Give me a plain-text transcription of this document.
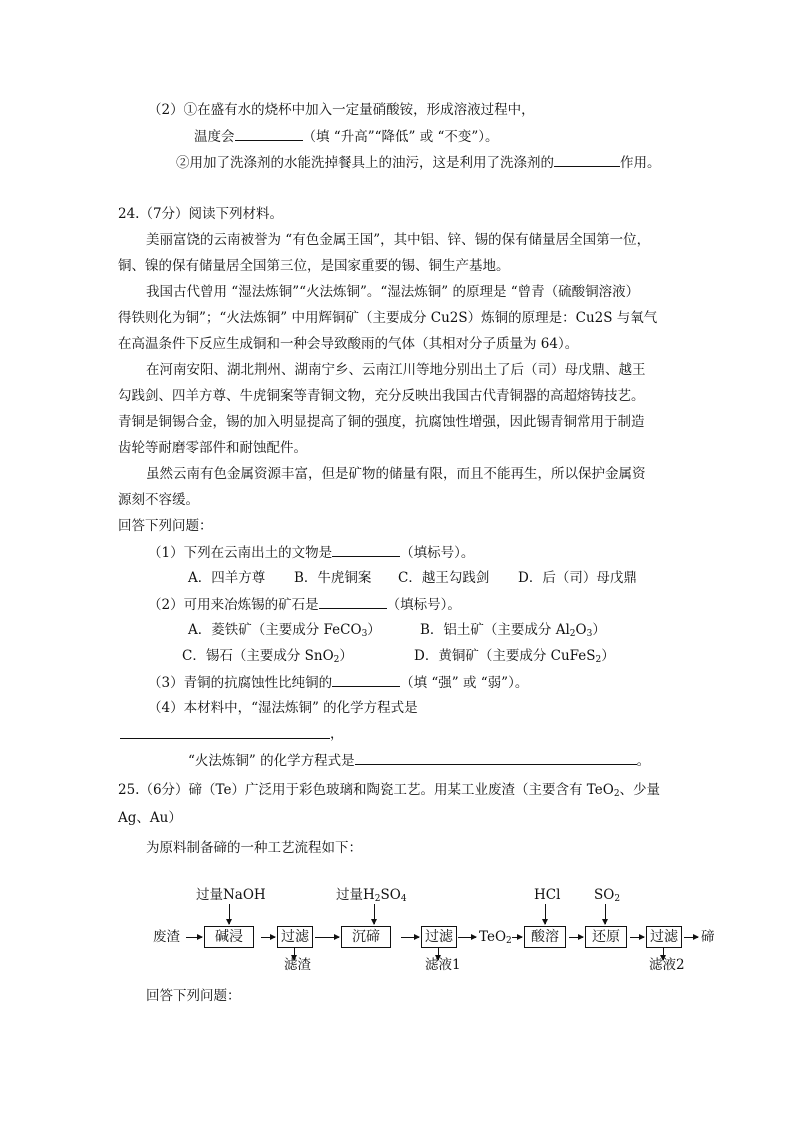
（2）①在盛有水的烧杯中加入一定量硝酸铵，形成溶液过程中，
温度会	（填 “升高”“降低” 或 “不变”）。
②用加了洗涤剂的水能洗掉餐具上的油污，这是利用了洗涤剂的	作用。
24.（7分）阅读下列材料。
美丽富饶的云南被誉为 “有色金属王国”，其中铝、锌、锡的保有储量居全国第一位，
铜、镍的保有储量居全国第三位，是国家重要的锡、铜生产基地。
我国古代曾用 “湿法炼铜”“火法炼铜”。“湿法炼铜” 的原理是 “曾青（硫酸铜溶液）
得铁则化为铜”；“火法炼铜” 中用辉铜矿（主要成分 Cu2S）炼铜的原理是：Cu2S 与氧气
在高温条件下反应生成铜和一种会导致酸雨的气体（其相对分子质量为 64）。
在河南安阳、湖北荆州、湖南宁乡、云南江川等地分别出土了后（司）母戊鼎、越王
勾践剑、四羊方尊、牛虎铜案等青铜文物，充分反映出我国古代青铜器的高超熔铸技艺。
青铜是铜锡合金，锡的加入明显提高了铜的强度，抗腐蚀性增强，因此锡青铜常用于制造
齿轮等耐磨零部件和耐蚀配件。
虽然云南有色金属资源丰富，但是矿物的储量有限，而且不能再生，所以保护金属资
源刻不容缓。
回答下列问题：
（1）下列在云南出土的文物是	（填标号）。
A．四羊方尊 B．牛虎铜案 C．越王勾践剑 D．后（司）母戊鼎
（2）可用来冶炼锡的矿石是	（填标号）。
A．菱铁矿（主要成分 FeCO$_3$）	B．铝土矿（主要成分 $Al_2O_3$）
C．锡石（主要成分 SnO$_2$）	D．黄铜矿（主要成分 CuFeS$_2$）
（3）青铜的抗腐蚀性比纯铜的	（填 “强” 或 “弱”）。
（4）本材料中，“湿法炼铜” 的化学方程式是
，
“火法炼铜” 的化学方程式是	。
25.（6分）碲（Te）广泛用于彩色玻璃和陶瓷工艺。用某工业废渣（主要含有 TeO$_2$、少量
Ag、Au）
为原料制备碲的一种工艺流程如下：
过量NaOH	过量$H_2SO_4$	HCl $SO_2$
废渣	碱浸	过滤	沉碲	过滤 TeO$_2$	酸溶	还原	过滤 碲
滤渣	滤液1	滤液2
回答下列问题：
